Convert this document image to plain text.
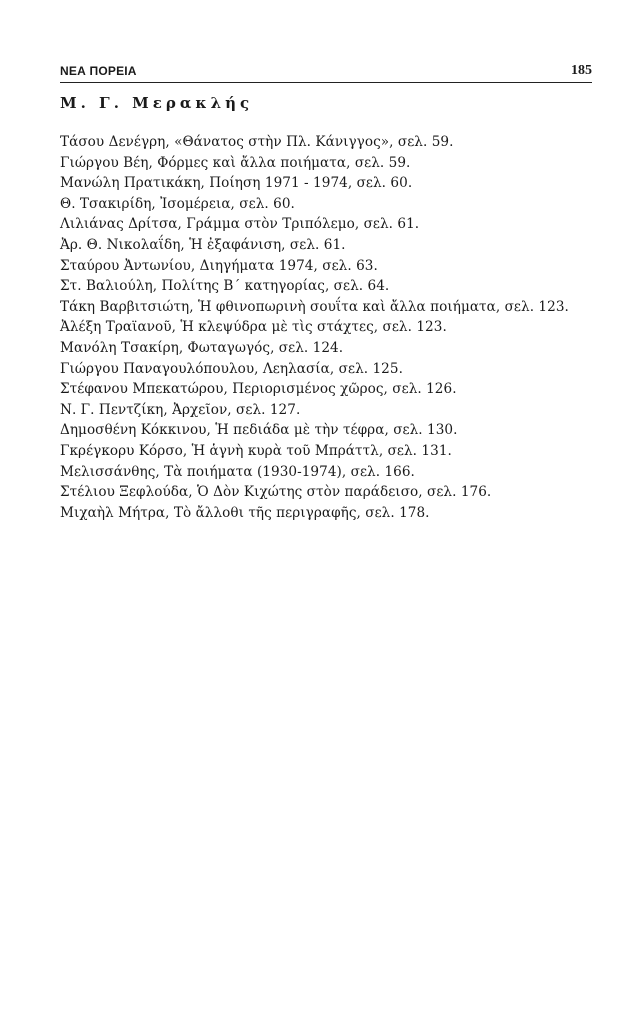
ΝΕΑ ΠΟΡΕΙΑ	185
Μ. Γ. Μερακλής
Τάσου Δενέγρη, «Θάνατος στὴν Πλ. Κάνιγγος», σελ. 59.
Γιώργου Βέη, Φόρμες καὶ ἄλλα ποιήματα, σελ. 59.
Μανώλη Πρατικάκη, Ποίηση 1971 - 1974, σελ. 60.
Θ. Τσακιρίδη, Ἰσομέρεια, σελ. 60.
Λιλιάνας Δρίτσα, Γράμμα στὸν Τριπόλεμο, σελ. 61.
Ἀρ. Θ. Νικολαΐδη, Ἡ ἐξαφάνιση, σελ. 61.
Σταύρου Ἀντωνίου, Διηγήματα 1974, σελ. 63.
Στ. Βαλιούλη, Πολίτης Β΄ κατηγορίας, σελ. 64.
Τάκη Βαρβιτσιώτη, Ἡ φθινοπωρινὴ σουΐτα καὶ ἄλλα ποιήματα, σελ. 123.
Ἀλέξη Τραϊανοῦ, Ἡ κλεψύδρα μὲ τὶς στάχτες, σελ. 123.
Μανόλη Τσακίρη, Φωταγωγός, σελ. 124.
Γιώργου Παναγουλόπουλου, Λεηλασία, σελ. 125.
Στέφανου Μπεκατώρου, Περιορισμένος χῶρος, σελ. 126.
Ν. Γ. Πεντζίκη, Ἀρχεῖον, σελ. 127.
Δημοσθένη Κόκκινου, Ἡ πεδιάδα μὲ τὴν τέφρα, σελ. 130.
Γκρέγκορυ Κόρσο, Ἡ ἁγνὴ κυρὰ τοῦ Μπράττλ, σελ. 131.
Μελισσάνθης, Τὰ ποιήματα (1930-1974), σελ. 166.
Στέλιου Ξεφλούδα, Ὁ Δὸν Κιχώτης στὸν παράδεισο, σελ. 176.
Μιχαὴλ Μήτρα, Τὸ ἄλλοθι τῆς περιγραφῆς, σελ. 178.
